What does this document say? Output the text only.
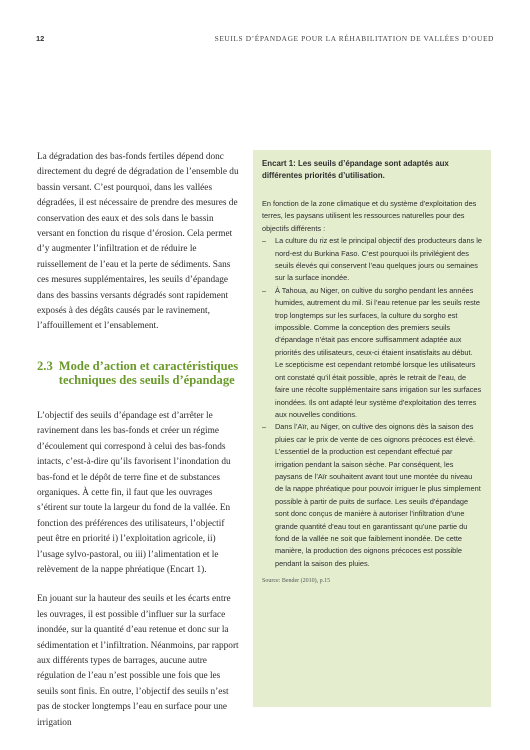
12	SEUILS D’ÉPANDAGE POUR LA RÉHABILITATION DE VALLÉES D’OUED

La dégradation des bas-fonds fertiles dépend donc directement du degré de dégradation de l’ensemble du bassin versant. C’est pourquoi, dans les vallées dégradées, il est nécessaire de prendre des mesures de conservation des eaux et des sols dans le bassin versant en fonction du risque d’érosion. Cela permet d’y augmenter l’infiltration et de réduire le ruissellement de l’eau et la perte de sédiments. Sans ces mesures supplémentaires, les seuils d’épandage dans des bassins versants dégradés sont rapidement exposés à des dégâts causés par le ravinement, l’affouillement et l’ensablement.

2.3 Mode d’action et caractéristiques techniques des seuils d’épandage

L’objectif des seuils d’épandage est d’arrêter le ravinement dans les bas-fonds et créer un régime d’écoulement qui correspond à celui des bas-fonds intacts, c’est-à-dire qu’ils favorisent l’inondation du bas-fond et le dépôt de terre fine et de substances organiques. À cette fin, il faut que les ouvrages s’étirent sur toute la largeur du fond de la vallée. En fonction des préférences des utilisateurs, l’objectif peut être en priorité i) l’exploitation agricole, ii) l’usage sylvo-pastoral, ou iii) l’alimentation et le relèvement de la nappe phréatique (Encart 1).

En jouant sur la hauteur des seuils et les écarts entre les ouvrages, il est possible d’influer sur la surface inondée, sur la quantité d’eau retenue et donc sur la sédimentation et l’infiltration. Néanmoins, par rapport aux différents types de barrages, aucune autre régulation de l’eau n’est possible une fois que les seuils sont finis. En outre, l’objectif des seuils n’est pas de stocker longtemps l’eau en surface pour une irrigation

Encart 1: Les seuils d’épandage sont adaptés aux différentes priorités d’utilisation.
En fonction de la zone climatique et du système d’exploitation des terres, les paysans utilisent les ressources naturelles pour des objectifs différents :
– La culture du riz est le principal objectif des producteurs dans le nord-est du Burkina Faso. C’est pourquoi ils privilégient des seuils élevés qui conservent l’eau quelques jours ou semaines sur la surface inondée.
– À Tahoua, au Niger, on cultive du sorgho pendant les années humides, autrement du mil. Si l’eau retenue par les seuils reste trop longtemps sur les surfaces, la culture du sorgho est impossible. Comme la conception des premiers seuils d’épandage n’était pas encore suffisamment adaptée aux priorités des utilisateurs, ceux-ci étaient insatisfaits au début. Le scepticisme est cependant retombé lorsque les utilisateurs ont constaté qu’il était possible, après le retrait de l’eau, de faire une récolte supplémentaire sans irrigation sur les surfaces inondées. Ils ont adapté leur système d’exploitation des terres aux nouvelles conditions.
– Dans l’Aïr, au Niger, on cultive des oignons dès la saison des pluies car le prix de vente de ces oignons précoces est élevé. L’essentiel de la production est cependant effectué par irrigation pendant la saison sèche. Par conséquent, les paysans de l’Aïr souhaitent avant tout une montée du niveau de la nappe phréatique pour pouvoir irriguer le plus simplement possible à partir de puits de surface. Les seuils d’épandage sont donc conçus de manière à autoriser l’infiltration d’une grande quantité d’eau tout en garantissant qu’une partie du fond de la vallée ne soit que faiblement inondée. De cette manière, la production des oignons précoces est possible pendant la saison des pluies.
Source: Bender (2010), p.15
